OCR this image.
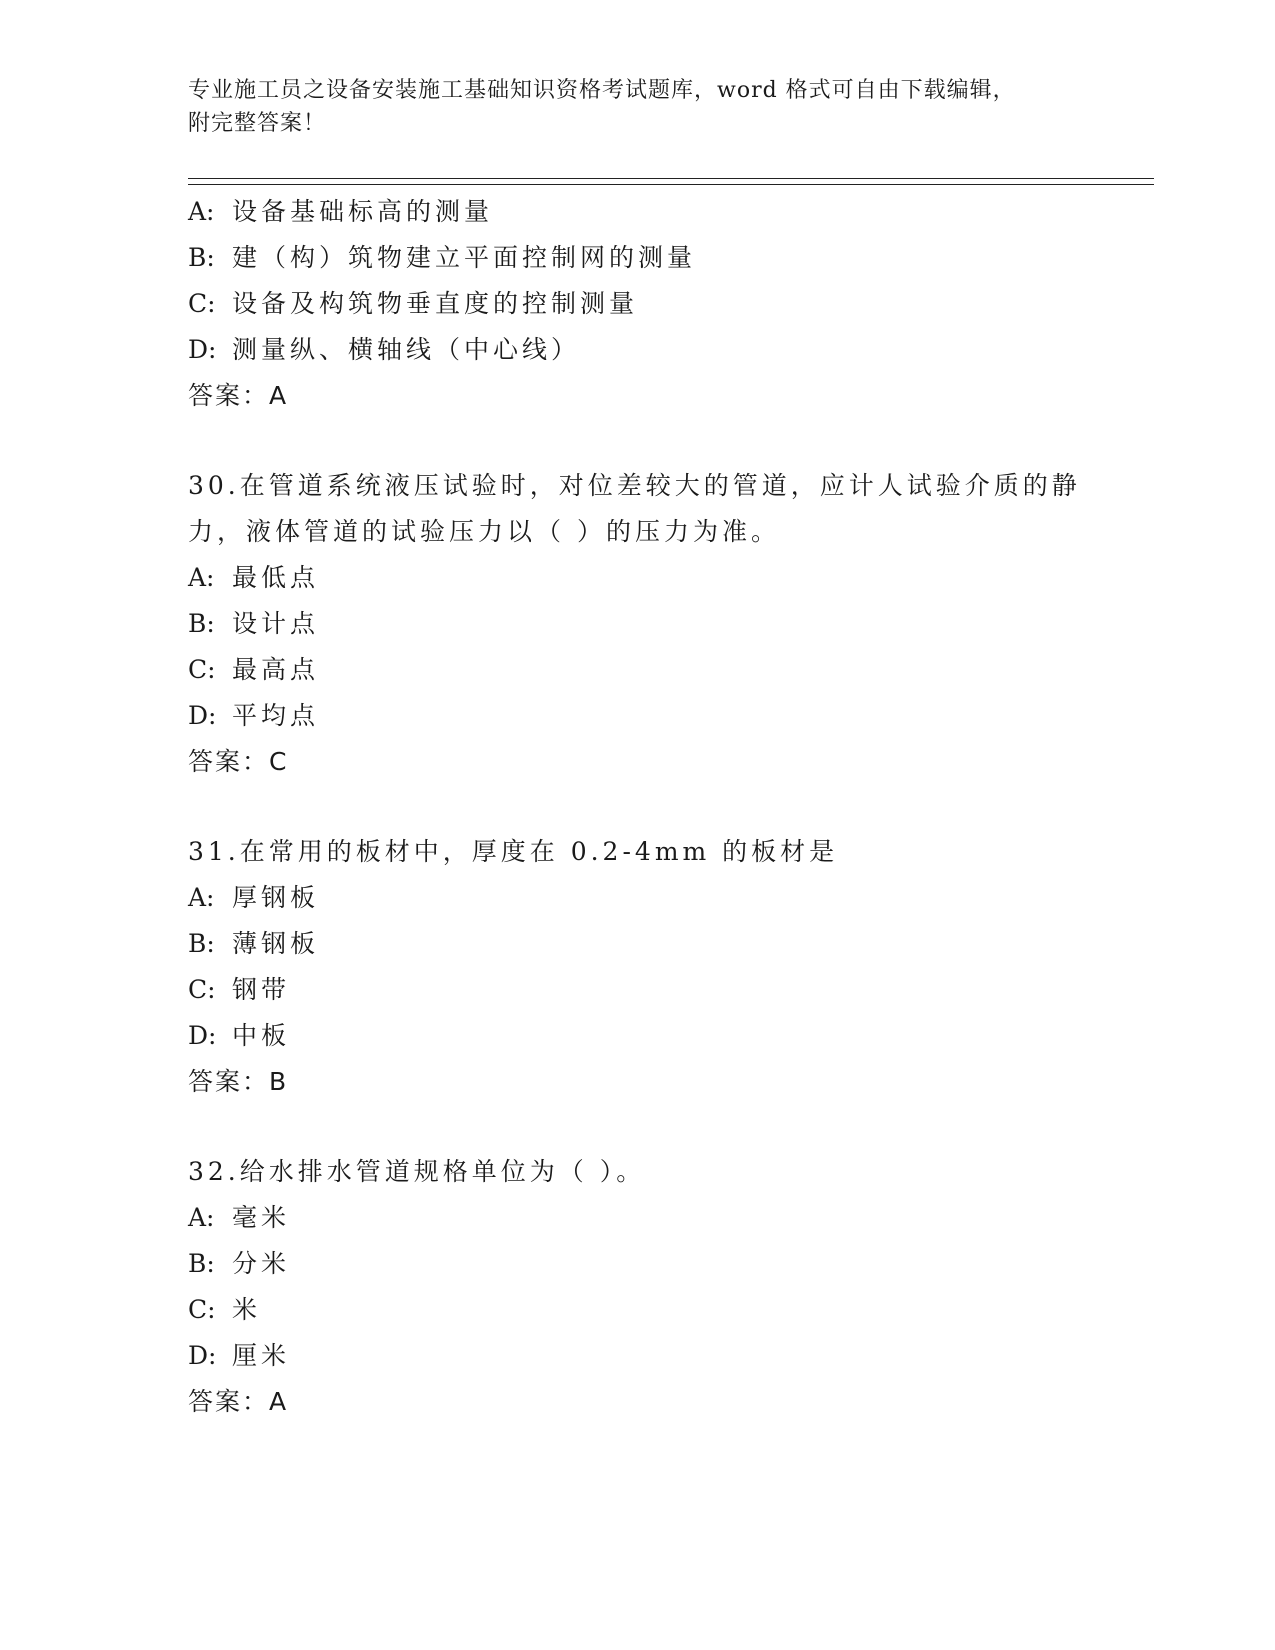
专业施工员之设备安装施工基础知识资格考试题库，word 格式可自由下载编辑，
附完整答案！
A: 设备基础标高的测量
B: 建（构）筑物建立平面控制网的测量
C: 设备及构筑物垂直度的控制测量
D: 测量纵、横轴线（中心线）
答案：A
30.在管道系统液压试验时，对位差较大的管道，应计人试验介质的静
力，液体管道的试验压力以（ ）的压力为准。
A: 最低点
B: 设计点
C: 最高点
D: 平均点
答案：C
31.在常用的板材中，厚度在 0.2-4mm 的板材是
A: 厚钢板
B: 薄钢板
C: 钢带
D: 中板
答案：B
32.给水排水管道规格单位为（ ）。
A: 毫米
B: 分米
C: 米
D: 厘米
答案：A
